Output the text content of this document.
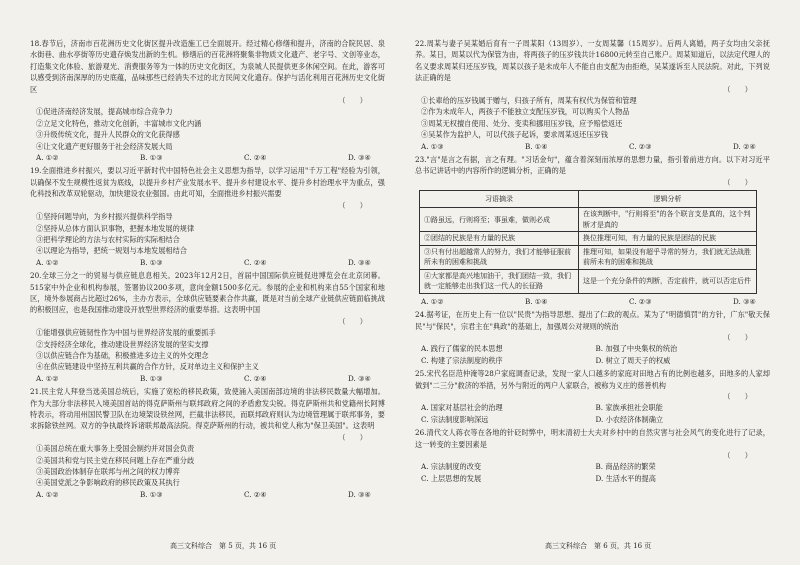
18.春节后，济南市百花洲历史文化街区提升改造施工已全面展开。经过精心修缮和提升，济南的合院民居、泉水街巷、曲水亭街等历史遗存焕发出新的生机。修缮后的百花洲将聚集非物质文化遗产、老字号、文创等业态，打造集文化体验、旅游观光、消费服务等为一体的历史文化街区，为泉城人民提供更多休闲空间。在此，游客可以感受到济南深厚的历史底蕴，品味那些已经消失不过的北方民间文化遗存。保护与活化利用百花洲历史文化街区
（　　）

①促进济南经济发展，提高城市综合竞争力
②立足文化特色，推动文化创新，丰富城市文化内涵
③升级传统文化，提升人民群众的文化获得感
④让文化遗产更好服务于社会经济发展大局
A. ①②	B. ①③	C. ②④	D. ③④
19.全面推进乡村振兴，要以习近平新时代中国特色社会主义思想为指导，以学习运用"千万工程"经验为引领，以确保不发生规模性返贫为底线，以提升乡村产业发展水平、提升乡村建设水平、提升乡村治理水平为重点，强化科技和改革双轮驱动，加快建设农业强国。由此可知，全面推进乡村振兴需要
（　　）

①坚持问题导向，为乡村振兴提供科学指导
②坚持从总体方面认识事物，把握本地发展的规律
③把科学理论的方法与农村实际的实际相结合
④以理论为指导，把统一规划与本地发展相结合
A. ①②	B. ①③	C. ②④	D. ③④
20.全球三分之一的贸易与供应链息息相关。2023年12月2日，首届中国国际供应链促进博览会在北京闭幕。515家中外企业和机构参展，签署协议200多项，意向金额1500多亿元。参展的企业和机构来自55个国家和地区，境外参展商占比超过26%，主办方表示，全球供应链要素合作共赢，既是对当前全球产业链供应链面临挑战的积极回应，也是我国推动建设开放型世界经济的重要举措。这表明中国
（　　）

①能增强供应链韧性作为中国与世界经济发展的重要抓手
②支持经济全球化，推动建设世界经济发展的坚实支撑
③以供应链合作为基础，积极推进多边主义的外交理念
④在供应链建设中坚持互利共赢的合作方针，反对单边主义和保护主义
A. ①②	B. ①③	C. ②④	D. ③④
21.民主党人拜登当选美国总统后，实施了宽松的移民政策，致使涌入美国南部边境的非法移民数量大幅增加。作为大部分非法移民入境美国首站的得克萨斯州与联邦政府之间的矛盾愈发尖锐。得克萨斯州共和党籍州长阿博特表示，将动用州国民警卫队在边境架设铁丝网，拦截非法移民，而联邦政府则认为边境管理属于联邦事务，要求拆除铁丝网。双方的争执最终诉诸联邦最高法院。得克萨斯州的行动，被共和党人称为"保卫美国"。这表明
（　　）

①美国总统在重大事务上受国会制约并对国会负责
②美国共和党与民主党在移民问题上存在严重分歧
③美国政治体制存在联邦与州之间的权力博弈
④美国党派之争影响政府的移民政策及其执行
A. ①②	B. ①③	C. ②④	D. ③④
22.周某与妻子吴某婚后育有一子周某阳（13周岁）、一女周某馨（15周岁）。后两人离婚，两子女均由父亲抚养。某日，周某以代为保管为由，将两孩子的压岁钱共计16800元转至自己账户。周某知道后，以法定代理人的名义要求周某归还压岁钱，周某以孩子是未成年人不能自由支配为由拒绝，吴某遂诉至人民法院。对此，下列说法正确的是
（　　）

①长辈给的压岁钱属于赠与，归孩子所有，周某有权代为保管和管理
②作为未成年人，两孩子不能独立支配压岁钱，可以购买个人物品
③周某无权擅自使用、处分、变卖和挪用压岁钱，应予赔偿返还
④吴某作为监护人，可以代孩子起诉，要求周某返还压岁钱
A. ①③	B. ①④	C. ②③	D. ②④
23."言"是言之有据，言之有理。"习话金句"，蕴含着深刻而浓厚的思想力量，指引着前进方向。以下对习近平总书记讲话中的内容所作的逻辑分析，正确的是
（　　）

习语摘录	逻辑分析
①路虽远，行则将至；事虽难，做则必成	在该判断中，"行则将至"的各个联言支是真的，这个判断才是真的
②团结的民族是有力量的民族	换位推理可知，有力量的民族是团结的民族
③只有付出超越常人的努力，我们才能够征服前所未有的困难和挑战	推理可知，如果没有超乎寻常的努力，我们就无法战胜前所未有的困难和挑战
④大家都是高兴地加油干，我们团结一致，我们就一定能够走出我们这一代人的长征路	这是一个充分条件的判断，否定前件，就可以否定后件
A. ①②	B. ①④	C. ②③	D. ③④
24.据考证，在历史上有一位以"民贵"为指导思想、提出了仁政的观点。某为了"明德慎罚"的方针，广东"敬天保民"与"保民"，宗君主在"典政"的基础上，加强周公对规则的统治
（　　）

A. 践行了儒家的民本思想	B. 加强了中央集权的统治
C. 构建了宗法制度的秩序	D. 树立了周天子的权威
25.宋代名臣范仲淹等28户家庭调查记录，发现一家人口越多的家庭对田地占有的比例也越多，田地多的人家却做到"二三分"救济的举措，另外与附近的两户人家联合，被称为义庄的慈善机构
（　　）

A. 国家对基层社会的治理	B. 家族承担社会职能
C. 宗法制度影响深远	D. 小农经济体制确立
26.清代文人蒋衣等在各地的针砭时弊中，明末清初士大夫对乡村中的自然灾害与社会风气的变化进行了记录，这一转变的主要因素是
（　　）

A. 宗法制度的改变	B. 商品经济的繁荣
C. 上层思想的发展	D. 生活水平的提高
高三文科综合　第 5 页，共 16 页	高三文科综合　第 6 页，共 16 页
